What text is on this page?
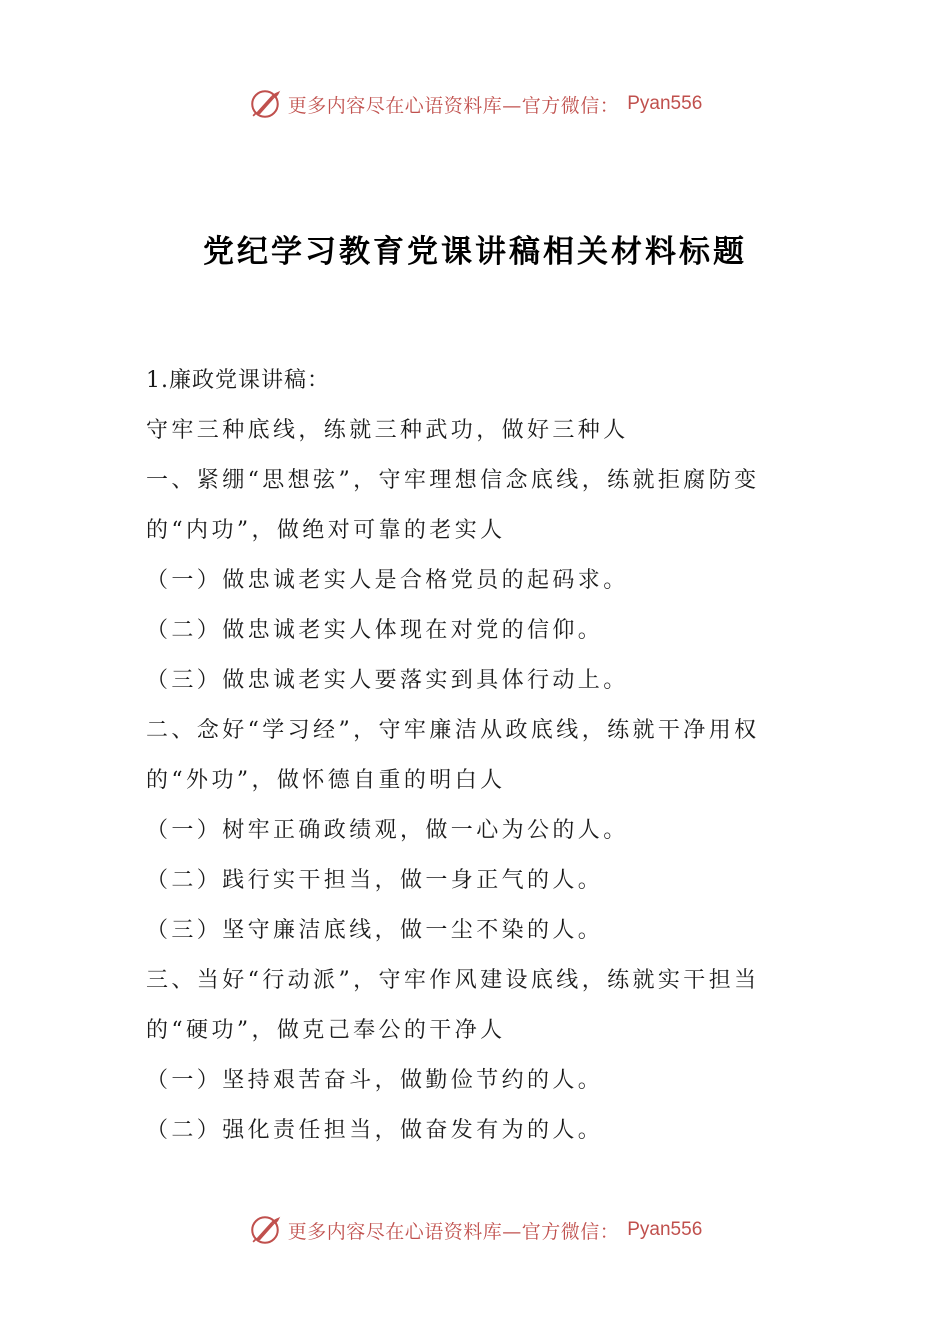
更多内容尽在心语资料库—官方微信： Pyan556
党纪学习教育党课讲稿相关材料标题
1.廉政党课讲稿：
守牢三种底线，练就三种武功，做好三种人
一、紧绷“思想弦”，守牢理想信念底线，练就拒腐防变
的“内功”，做绝对可靠的老实人
（一）做忠诚老实人是合格党员的起码求。
（二）做忠诚老实人体现在对党的信仰。
（三）做忠诚老实人要落实到具体行动上。
二、念好“学习经”，守牢廉洁从政底线，练就干净用权
的“外功”，做怀德自重的明白人
（一）树牢正确政绩观，做一心为公的人。
（二）践行实干担当，做一身正气的人。
（三）坚守廉洁底线，做一尘不染的人。
三、当好“行动派”，守牢作风建设底线，练就实干担当
的“硬功”，做克己奉公的干净人
（一）坚持艰苦奋斗，做勤俭节约的人。
（二）强化责任担当，做奋发有为的人。
更多内容尽在心语资料库—官方微信： Pyan556
